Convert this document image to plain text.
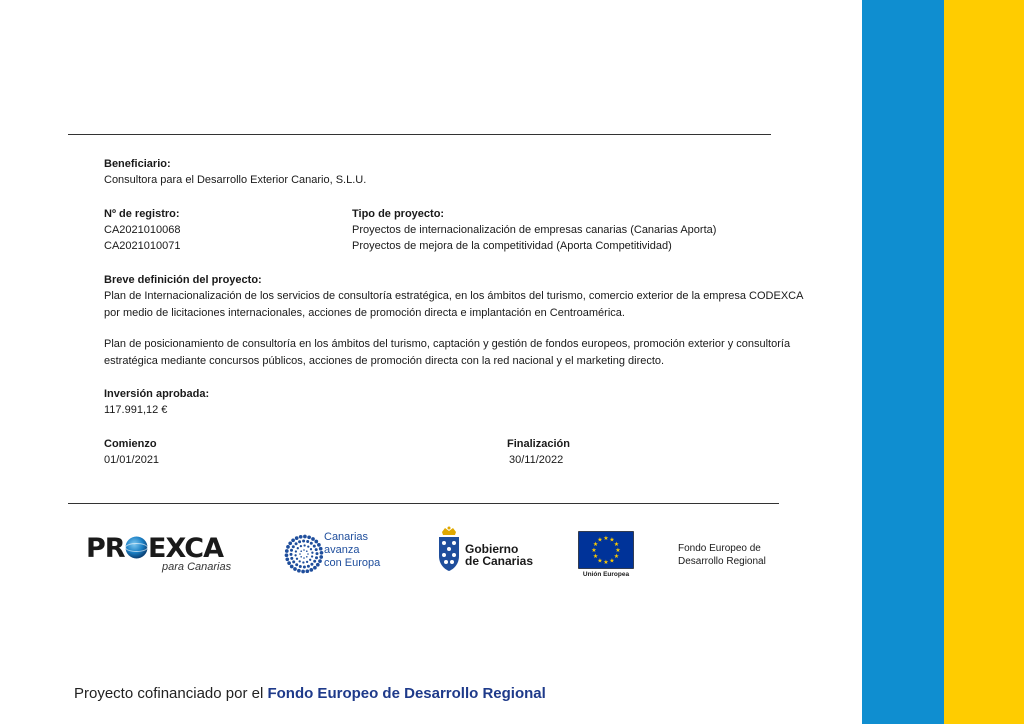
Beneficiario:
Consultora para el Desarrollo Exterior Canario, S.L.U.
Nº de registro:
CA2021010068
CA2021010071
Tipo de proyecto:
Proyectos de internacionalización de empresas canarias (Canarias Aporta)
Proyectos de mejora de la competitividad (Aporta Competitividad)
Breve definición del proyecto:
Plan de Internacionalización de los servicios de consultoría estratégica, en los ámbitos del turismo, comercio exterior de la empresa CODEXCA por medio de licitaciones internacionales, acciones de promoción directa e implantación en Centroamérica.
Plan de posicionamiento de consultoría en los ámbitos del turismo, captación y gestión de fondos europeos, promoción exterior y consultoría estratégica mediante concursos públicos, acciones de promoción directa con la red nacional y el marketing directo.
Inversión aprobada:
117.991,12 €
Comienzo
01/01/2021
Finalización
30/11/2022
PR EXCA
para Canarias
Canarias
avanza
con Europa
Gobierno
de Canarias
★ ★
★
★
★
★
★
★
★
★
★
★
Unión Europea
Fondo Europeo de
Desarrollo Regional
Proyecto cofinanciado por el Fondo Europeo de Desarrollo Regional
